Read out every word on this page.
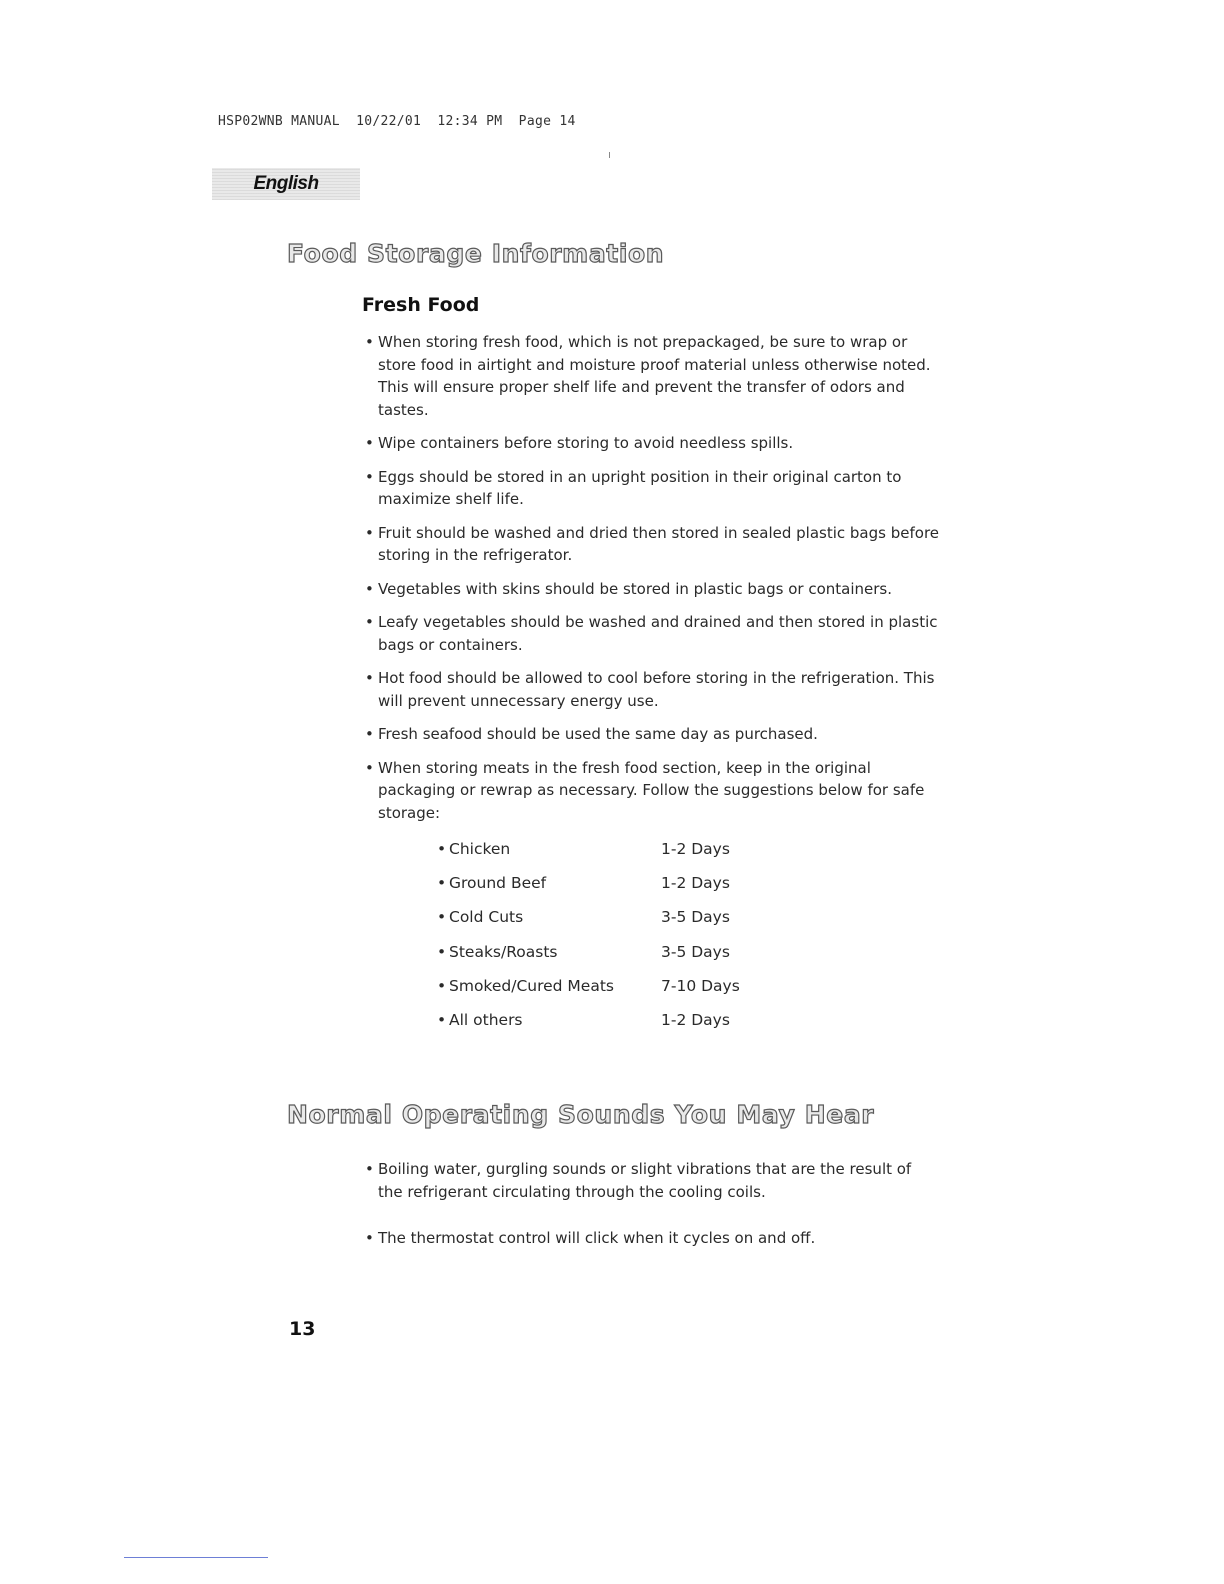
HSP02WNB MANUAL  10/22/01  12:34 PM  Page 14
English
Food Storage Information
Fresh Food
• When storing fresh food, which is not prepackaged, be sure to wrap or store food in airtight and moisture proof material unless otherwise noted. This will ensure proper shelf life and prevent the transfer of odors and tastes.
• Wipe containers before storing to avoid needless spills.
• Eggs should be stored in an upright position in their original carton to maximize shelf life.
• Fruit should be washed and dried then stored in sealed plastic bags before storing in the refrigerator.
• Vegetables with skins should be stored in plastic bags or containers.
• Leafy vegetables should be washed and drained and then stored in plastic bags or containers.
• Hot food should be allowed to cool before storing in the refrigeration. This will prevent unnecessary energy use.
• Fresh seafood should be used the same day as purchased.
• When storing meats in the fresh food section, keep in the original packaging or rewrap as necessary. Follow the suggestions below for safe storage:
• Chicken	1-2 Days
• Ground Beef	1-2 Days
• Cold Cuts	3-5 Days
• Steaks/Roasts	3-5 Days
• Smoked/Cured Meats	7-10 Days
• All others	1-2 Days
Normal Operating Sounds You May Hear
• Boiling water, gurgling sounds or slight vibrations that are the result of the refrigerant circulating through the cooling coils.
• The thermostat control will click when it cycles on and off.
13
